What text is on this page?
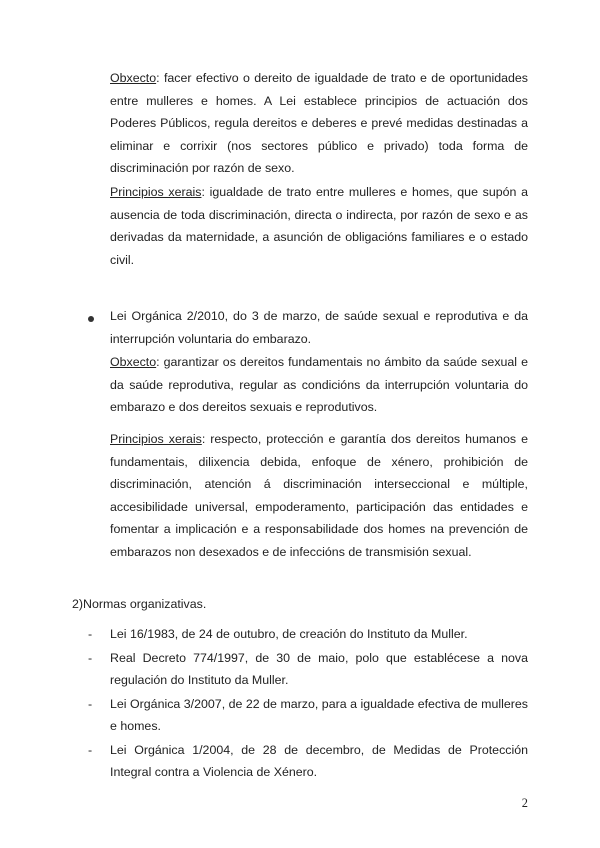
Obxecto: facer efectivo o dereito de igualdade de trato e de oportunidades entre mulleres e homes. A Lei establece principios de actuación dos Poderes Públicos, regula dereitos e deberes e prevé medidas destinadas a eliminar e corrixir (nos sectores público e privado) toda forma de discriminación por razón de sexo.

Principios xerais: igualdade de trato entre mulleres e homes, que supón a ausencia de toda discriminación, directa o indirecta, por razón de sexo e as derivadas da maternidade, a asunción de obligacións familiares e o estado civil.

Lei Orgánica 2/2010, do 3 de marzo, de saúde sexual e reprodutiva e da interrupción voluntaria do embarazo.

Obxecto: garantizar os dereitos fundamentais no ámbito da saúde sexual e da saúde reprodutiva, regular as condicións da interrupción voluntaria do embarazo e dos dereitos sexuais e reprodutivos.

Principios xerais: respecto, protección e garantía dos dereitos humanos e fundamentais, dilixencia debida, enfoque de xénero, prohibición de discriminación, atención á discriminación interseccional e múltiple, accesibilidade universal, empoderamento, participación das entidades e fomentar a implicación e a responsabilidade dos homes na prevención de embarazos non desexados e de infeccións de transmisión sexual.

2)Normas organizativas.

- Lei 16/1983, de 24 de outubro, de creación do Instituto da Muller.
- Real Decreto 774/1997, de 30 de maio, polo que establécese a nova regulación do Instituto da Muller.
- Lei Orgánica 3/2007, de 22 de marzo, para a igualdade efectiva de mulleres e homes.
- Lei Orgánica 1/2004, de 28 de decembro, de Medidas de Protección Integral contra a Violencia de Xénero.
2
